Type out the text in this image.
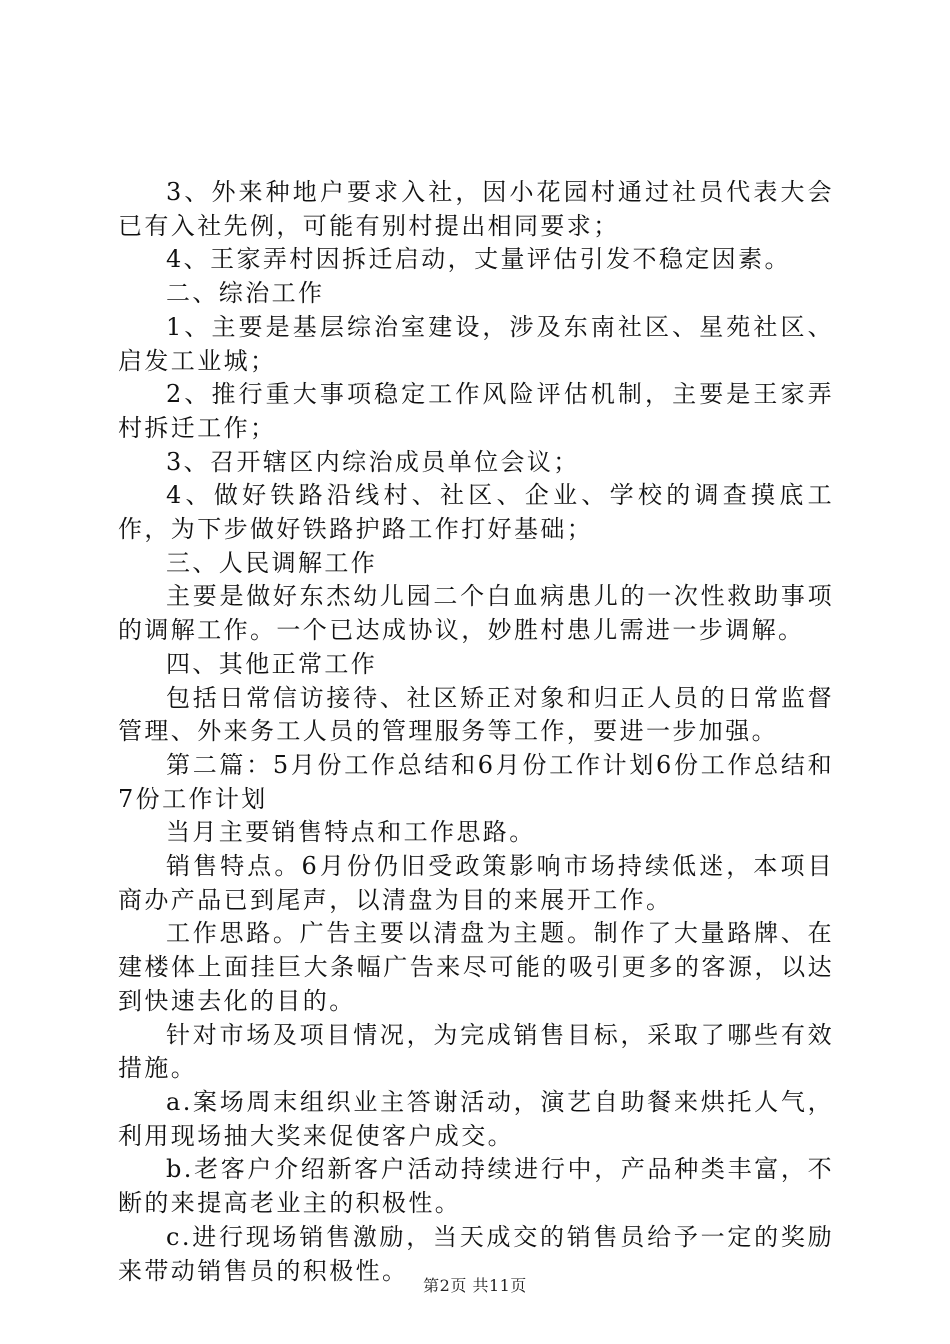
3、外来种地户要求入社，因小花园村通过社员代表大会已有入社先例，可能有别村提出相同要求；

4、王家弄村因拆迁启动，丈量评估引发不稳定因素。

二、综治工作

1、主要是基层综治室建设，涉及东南社区、星苑社区、启发工业城；

2、推行重大事项稳定工作风险评估机制，主要是王家弄村拆迁工作；

3、召开辖区内综治成员单位会议；

4、做好铁路沿线村、社区、企业、学校的调查摸底工作，为下步做好铁路护路工作打好基础；

三、人民调解工作

主要是做好东杰幼儿园二个白血病患儿的一次性救助事项的调解工作。一个已达成协议，妙胜村患儿需进一步调解。

四、其他正常工作

包括日常信访接待、社区矫正对象和归正人员的日常监督管理、外来务工人员的管理服务等工作，要进一步加强。

第二篇：5月份工作总结和6月份工作计划6份工作总结和7份工作计划

当月主要销售特点和工作思路。

销售特点。6月份仍旧受政策影响市场持续低迷，本项目商办产品已到尾声，以清盘为目的来展开工作。

工作思路。广告主要以清盘为主题。制作了大量路牌、在建楼体上面挂巨大条幅广告来尽可能的吸引更多的客源，以达到快速去化的目的。

针对市场及项目情况，为完成销售目标，采取了哪些有效措施。

a.案场周末组织业主答谢活动，演艺自助餐来烘托人气，利用现场抽大奖来促使客户成交。

b.老客户介绍新客户活动持续进行中，产品种类丰富，不断的来提高老业主的积极性。

c.进行现场销售激励，当天成交的销售员给予一定的奖励来带动销售员的积极性。

第2页 共11页
